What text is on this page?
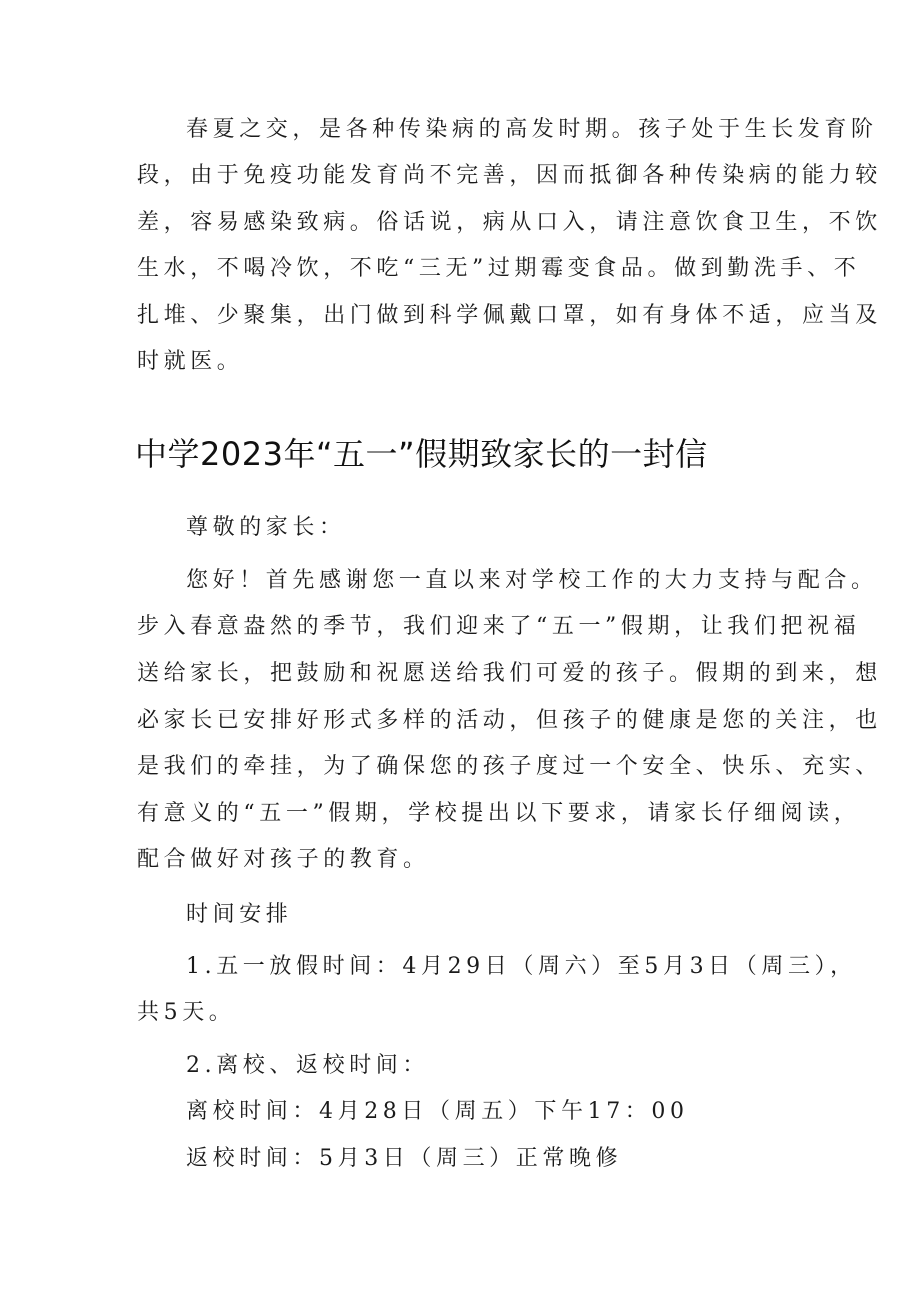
春夏之交，是各种传染病的高发时期。孩子处于生长发育阶
段，由于免疫功能发育尚不完善，因而抵御各种传染病的能力较
差，容易感染致病。俗话说，病从口入，请注意饮食卫生，不饮
生水，不喝冷饮，不吃“三无”过期霉变食品。做到勤洗手、不
扎堆、少聚集，出门做到科学佩戴口罩，如有身体不适，应当及
时就医。
中学2023年“五一”假期致家长的一封信
尊敬的家长：
您好！首先感谢您一直以来对学校工作的大力支持与配合。
步入春意盎然的季节，我们迎来了“五一”假期，让我们把祝福
送给家长，把鼓励和祝愿送给我们可爱的孩子。假期的到来，想
必家长已安排好形式多样的活动，但孩子的健康是您的关注，也
是我们的牵挂，为了确保您的孩子度过一个安全、快乐、充实、
有意义的“五一”假期，学校提出以下要求，请家长仔细阅读，
配合做好对孩子的教育。
时间安排
1.五一放假时间：4月29日（周六）至5月3日（周三），
共5天。
2.离校、返校时间：
离校时间：4月28日（周五）下午17：00
返校时间：5月3日（周三）正常晚修
